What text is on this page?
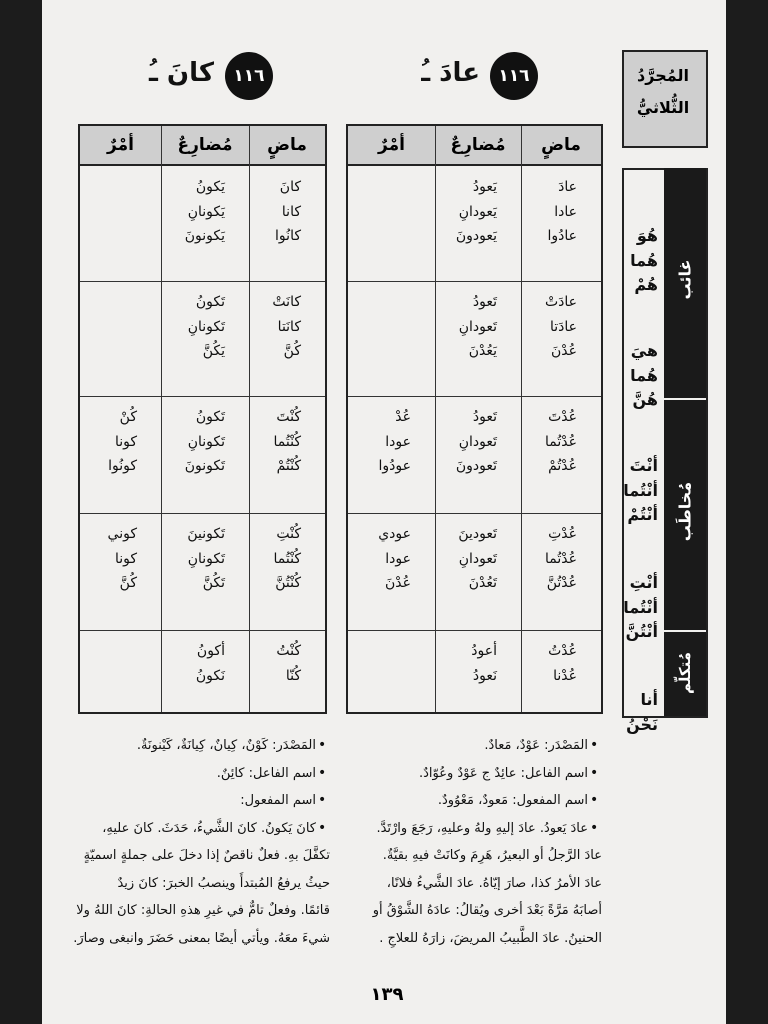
المُجرَّدُ
الثُّلاثيُّ
١١٦
عادَ ـُ
١١٦
كانَ ـُ
غائب
مُخاطَب
مُتكلّم
هُوَ
هُما
هُمْ
هيَ
هُما
هُنَّ
أنْتَ
أنْتُما
أنْتُمْ
أنْتِ
أنْتُما
أنْتُنَّ
أنا
نَحْنُ
ماضٍ
مُضارِعٌ
أمْرٌ
عادَ
عادا
عادُوا
عادَتْ
عادَتا
عُدْنَ
عُدْتَ
عُدْتُما
عُدْتُمْ
عُدْتِ
عُدْتُما
عُدْتُنَّ
عُدْتُ
عُدْنا
يَعودُ
يَعودانِ
يَعودونَ
تَعودُ
تَعودانِ
يَعُدْنَ
تَعودُ
تَعودانِ
تَعودونَ
تَعودينَ
تَعودانِ
تَعُدْنَ
أعودُ
نَعودُ
عُدْ
عودا
عودُوا
عودي
عودا
عُدْنَ
ماضٍ
مُضارِعٌ
أمْرٌ
كانَ
كانا
كانُوا
كانَتْ
كانَتا
كُنَّ
كُنْتَ
كُنْتُما
كُنْتُمْ
كُنْتِ
كُنْتُما
كُنْتُنَّ
كُنْتُ
كُنّا
يَكونُ
يَكونانِ
يَكونونَ
تَكونُ
تَكونانِ
يَكُنَّ
تَكونُ
تَكونانِ
تَكونونَ
تَكونينَ
تَكونانِ
تَكُنَّ
أكونُ
نَكونُ
كُنْ
كونا
كونُوا
كوني
كونا
كُنَّ
المَصْدَر: عَوْدٌ، مَعادٌ. •
اسم الفاعل: عائِدٌ ج عَوْدٌ وعُوّادٌ. •
اسم المفعول: مَعودٌ، مَعْوُودٌ. •
عادَ يَعودُ. عادَ إليهِ ولهُ وعليهِ، رَجَعَ وارْتَدَّ. •
عادَ الرَّجلُ أو البعيرُ، هَرِمَ وكانَتْ فيهِ بقيَّةٌ.
عادَ الأمرُ كذا، صارَ إيّاهُ. عادَ الشَّيءُ فلانًا،
أصابَهُ مَرَّةً بَعْدَ أخرى ويُقالُ: عادَهُ الشَّوْقُ أو
الحنينُ. عادَ الطَّبيبُ المريضَ، زارَهُ للعلاجِ .
المَصْدَر: كَوْنٌ، كِيانٌ، كِيانَةٌ، كَيْنونَةٌ. •
اسم الفاعل: كائِنٌ. •
اسم المفعول: •
كانَ يَكونُ. كانَ الشَّيءُ، حَدَثَ. كانَ عليهِ، •
تكفَّلَ بهِ. فعلٌ ناقصٌ إذا دخلَ على جملةٍ اسميّةٍ
حيثُ يرفعُ المُبتدأَ وينصبُ الخبرَ: كانَ زيدٌ
قائمًا. وفعلٌ تامٌّ في غيرِ هذهِ الحالةِ: كانَ اللهُ ولا
شيءَ معَهُ. ويأتي أيضًا بمعنى حَضَرَ وانبغى وصارَ.
١٣٩
